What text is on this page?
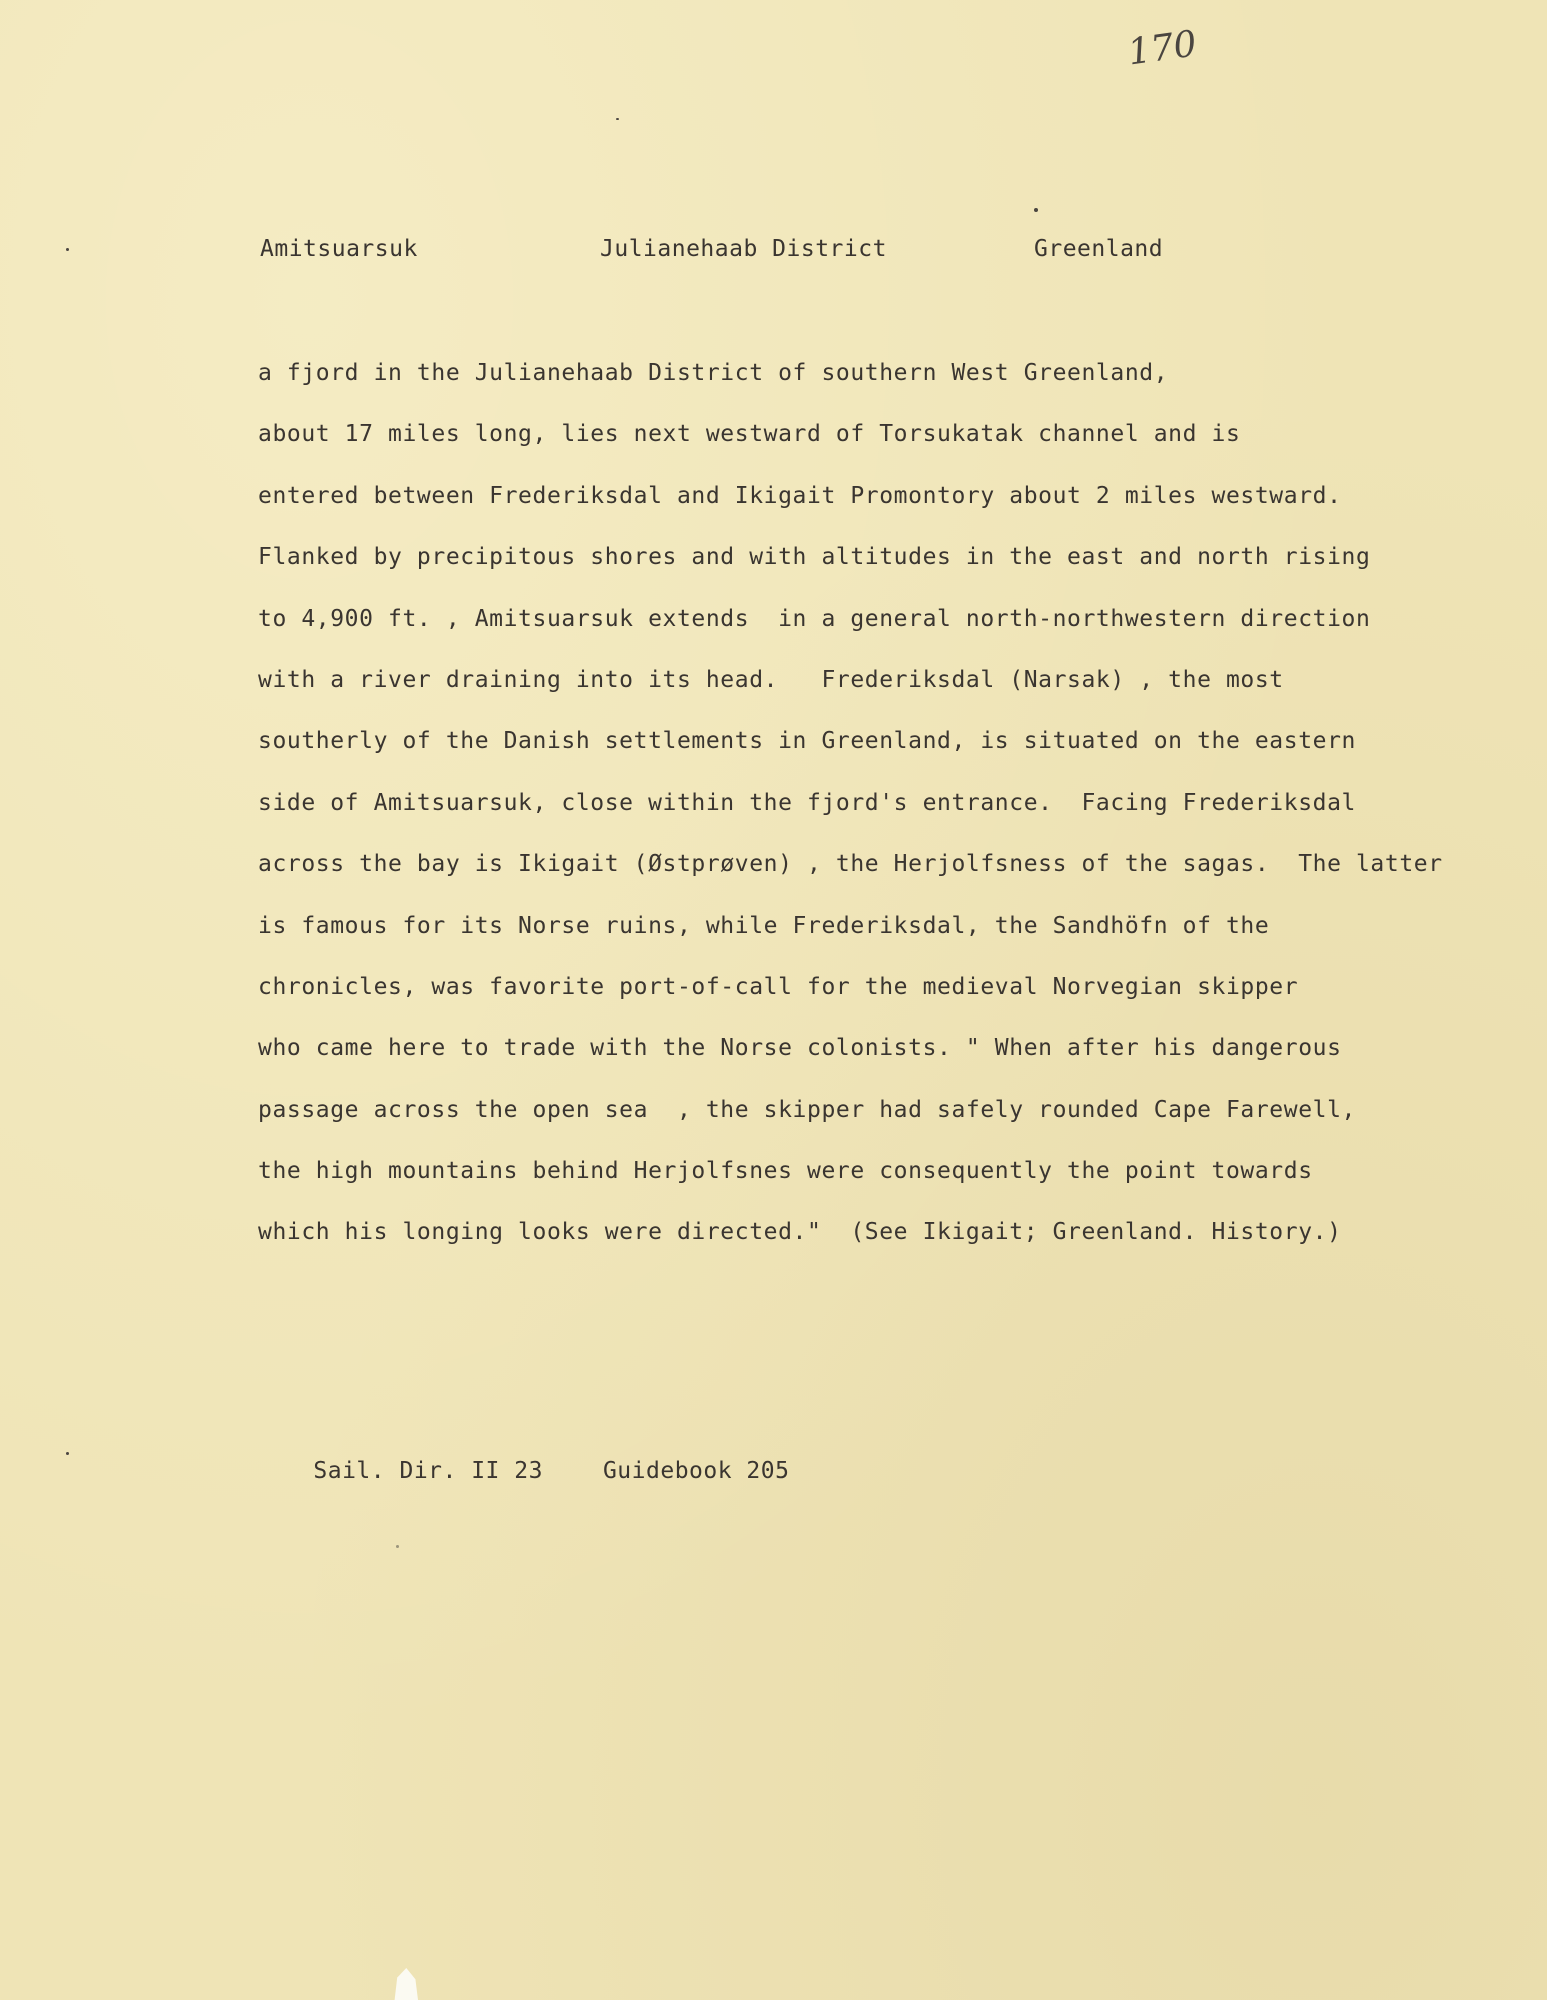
170
Amitsuarsuk	Julianehaab District	Greenland
a fjord in the Julianehaab District of southern West Greenland,
about 17 miles long, lies next westward of Torsukatak channel and is
entered between Frederiksdal and Ikigait Promontory about 2 miles westward.
Flanked by precipitous shores and with altitudes in the east and north rising
to 4,900 ft. , Amitsuarsuk extends  in a general north-northwestern direction
with a river draining into its head.   Frederiksdal (Narsak) , the most
southerly of the Danish settlements in Greenland, is situated on the eastern
side of Amitsuarsuk, close within the fjord's entrance.  Facing Frederiksdal
across the bay is Ikigait (Østprøven) , the Herjolfsness of the sagas.  The latter
is famous for its Norse ruins, while Frederiksdal, the Sandhöfn of the
chronicles, was favorite port-of-call for the medieval Norvegian skipper
who came here to trade with the Norse colonists. " When after his dangerous
passage across the open sea  , the skipper had safely rounded Cape Farewell,
the high mountains behind Herjolfsnes were consequently the point towards
which his longing looks were directed."  (See Ikigait; Greenland. History.)

Sail. Dir. II 23	Guidebook 205
